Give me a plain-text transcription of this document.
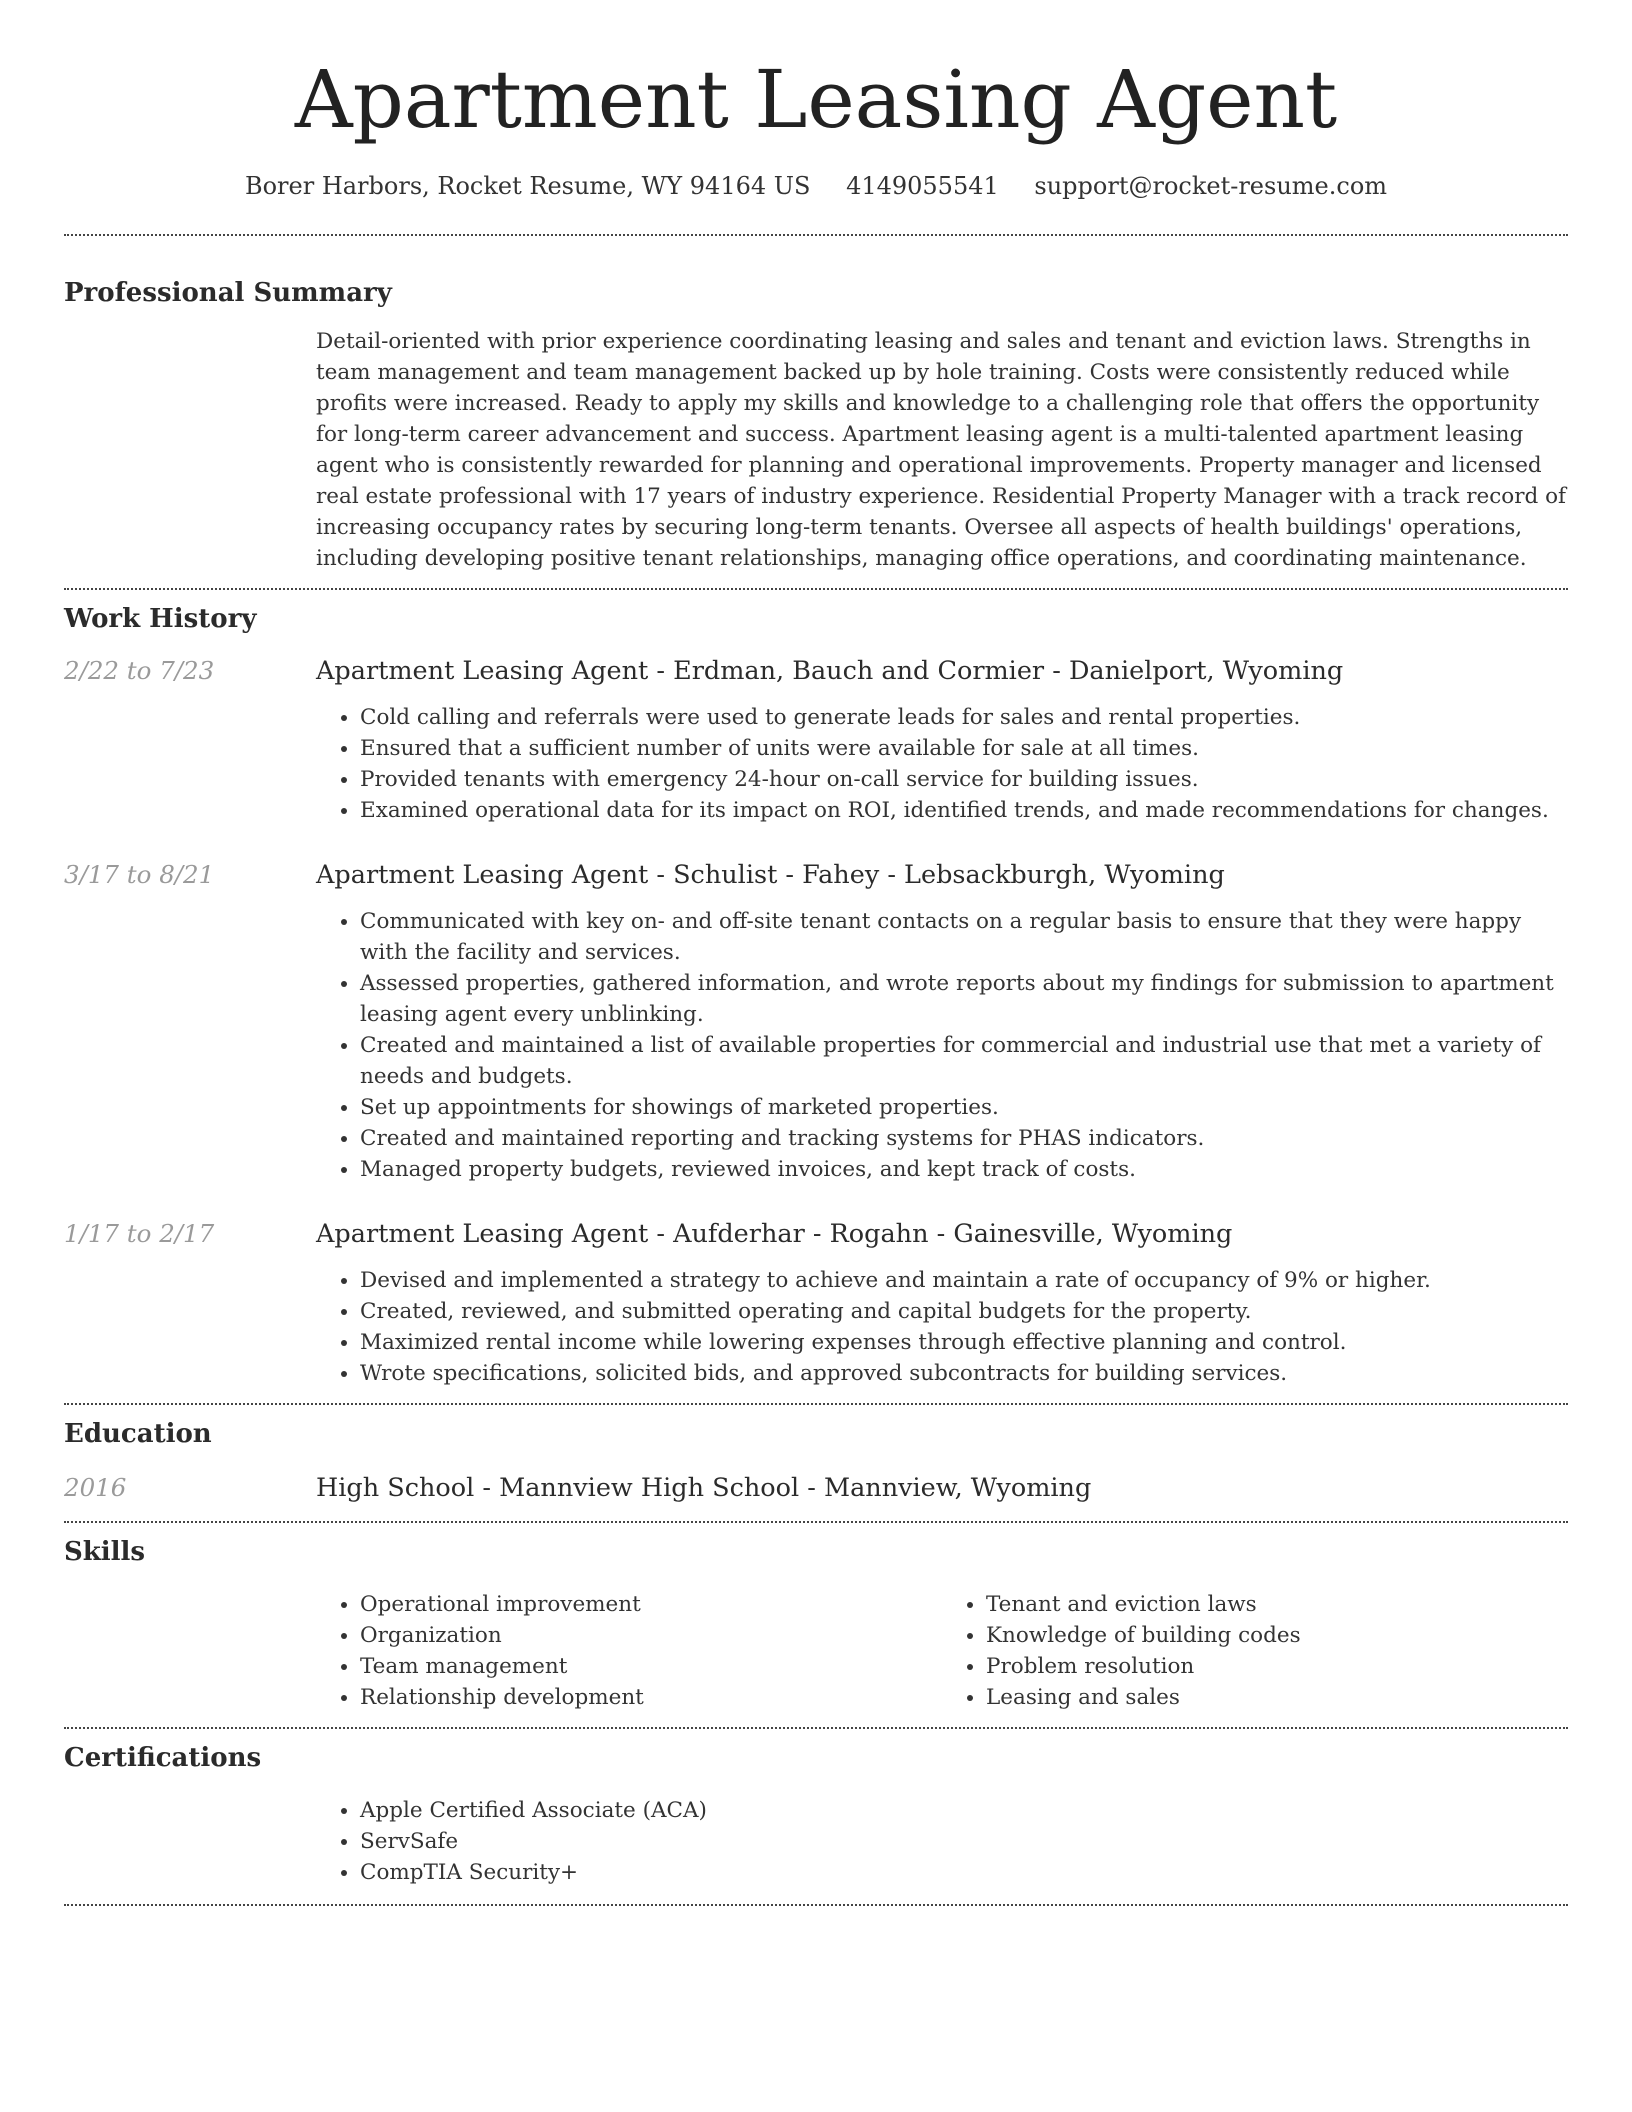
Apartment Leasing Agent
Borer Harbors, Rocket Resume, WY 94164 US 4149055541 support@rocket-resume.com
Professional Summary
Detail-oriented with prior experience coordinating leasing and sales and tenant and eviction laws. Strengths in team management and team management backed up by hole training. Costs were consistently reduced while profits were increased. Ready to apply my skills and knowledge to a challenging role that offers the opportunity for long-term career advancement and success. Apartment leasing agent is a multi-talented apartment leasing agent who is consistently rewarded for planning and operational improvements. Property manager and licensed real estate professional with 17 years of industry experience. Residential Property Manager with a track record of increasing occupancy rates by securing long-term tenants. Oversee all aspects of health buildings' operations, including developing positive tenant relationships, managing office operations, and coordinating maintenance.
Work History
2/22 to 7/23	Apartment Leasing Agent - Erdman, Bauch and Cormier - Danielport, Wyoming
• Cold calling and referrals were used to generate leads for sales and rental properties.
• Ensured that a sufficient number of units were available for sale at all times.
• Provided tenants with emergency 24-hour on-call service for building issues.
• Examined operational data for its impact on ROI, identified trends, and made recommendations for changes.
3/17 to 8/21	Apartment Leasing Agent - Schulist - Fahey - Lebsackburgh, Wyoming
• Communicated with key on- and off-site tenant contacts on a regular basis to ensure that they were happy with the facility and services.
• Assessed properties, gathered information, and wrote reports about my findings for submission to apartment leasing agent every unblinking.
• Created and maintained a list of available properties for commercial and industrial use that met a variety of needs and budgets.
• Set up appointments for showings of marketed properties.
• Created and maintained reporting and tracking systems for PHAS indicators.
• Managed property budgets, reviewed invoices, and kept track of costs.
1/17 to 2/17	Apartment Leasing Agent - Aufderhar - Rogahn - Gainesville, Wyoming
• Devised and implemented a strategy to achieve and maintain a rate of occupancy of 9% or higher.
• Created, reviewed, and submitted operating and capital budgets for the property.
• Maximized rental income while lowering expenses through effective planning and control.
• Wrote specifications, solicited bids, and approved subcontracts for building services.
Education
2016	High School - Mannview High School - Mannview, Wyoming
Skills
• Operational improvement
• Organization
• Team management
• Relationship development
• Tenant and eviction laws
• Knowledge of building codes
• Problem resolution
• Leasing and sales
Certifications
• Apple Certified Associate (ACA)
• ServSafe
• CompTIA Security+
